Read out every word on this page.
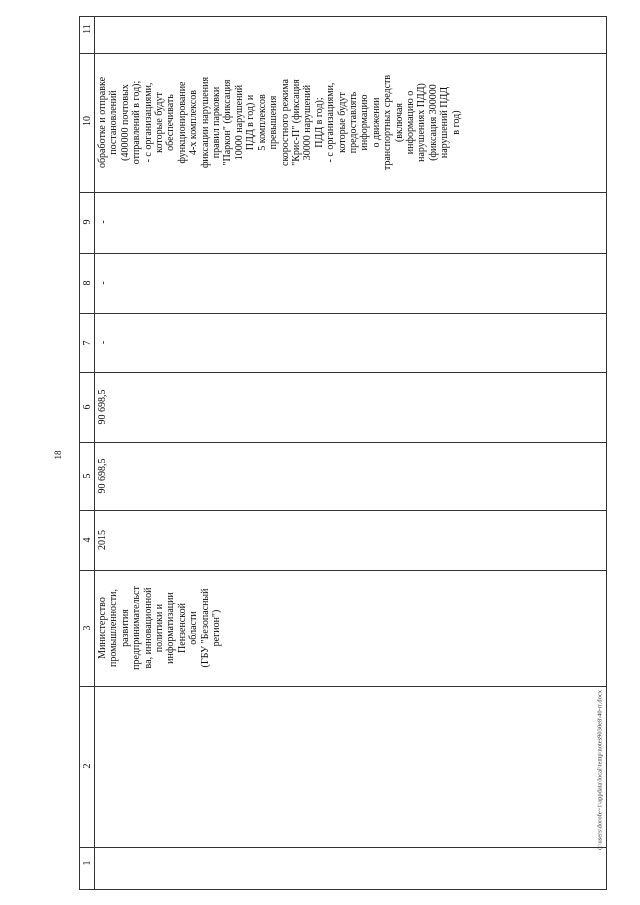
18
c:\users\dorofe~1\appdata\local\temp\notes9030e8\40-rr.docx
11
10
9
8
7
6
5
4
3
2
1
обработке и отправке постановлений (400000 почтовых отправлений в год); - с организациями, которые будут обеспечивать функционирование 4-х комплексов фиксации нарушения правил парковки "Паркон" (фиксация 10000 нарушений ПДД в год) и 5 комплексов превышения скоростного режима "Крис-П" (фиксация 30000 нарушений ПДД в год); - с организациями, которые будут предоставлять информацию о движении транспортных средств (включая информацию о нарушениях ПДД) (фиксация 300000 нарушений ПДД в год)
-
-
-
90 698,5
90 698,5
2015
Министерство промышленности, развития предпринимательст ва, инновационной политики и информатизации Пензенской области (ГБУ "Безопасный регион")
